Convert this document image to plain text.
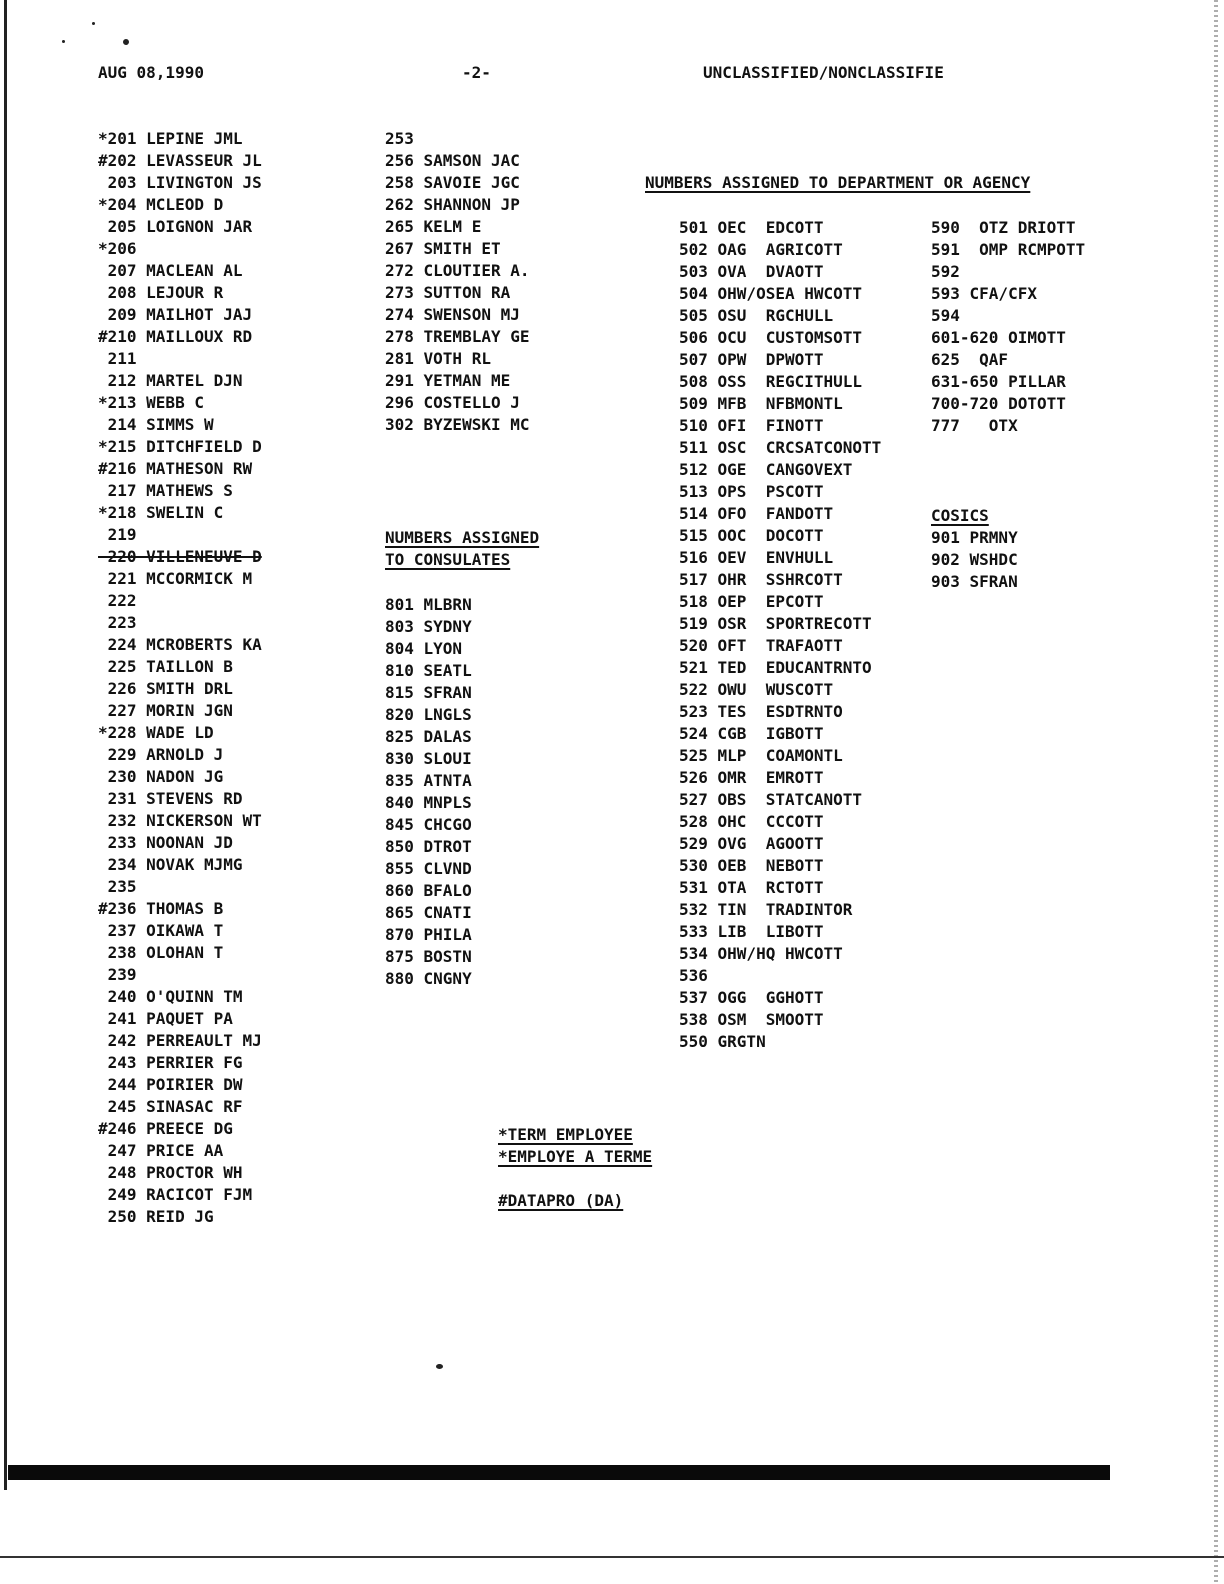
AUG 08,1990	-2-	UNCLASSIFIED/NONCLASSIFIE
*201 LEPINE JML
#202 LEVASSEUR JL
203 LIVINGTON JS
*204 MCLEOD D
205 LOIGNON JAR
*206
207 MACLEAN AL
208 LEJOUR R
209 MAILHOT JAJ
#210 MAILLOUX RD
211
212 MARTEL DJN
*213 WEBB C
214 SIMMS W
*215 DITCHFIELD D
#216 MATHESON RW
217 MATHEWS S
*218 SWELIN C
219
220 VILLENEUVE D
221 MCCORMICK M
222
223
224 MCROBERTS KA
225 TAILLON B
226 SMITH DRL
227 MORIN JGN
*228 WADE LD
229 ARNOLD J
230 NADON JG
231 STEVENS RD
232 NICKERSON WT
233 NOONAN JD
234 NOVAK MJMG
235
#236 THOMAS B
237 OIKAWA T
238 OLOHAN T
239
240 O'QUINN TM
241 PAQUET PA
242 PERREAULT MJ
243 PERRIER FG
244 POIRIER DW
245 SINASAC RF
#246 PREECE DG
247 PRICE AA
248 PROCTOR WH
249 RACICOT FJM
250 REID JG
253
256 SAMSON JAC
258 SAVOIE JGC
262 SHANNON JP
265 KELM E
267 SMITH ET
272 CLOUTIER A.
273 SUTTON RA
274 SWENSON MJ
278 TREMBLAY GE
281 VOTH RL
291 YETMAN ME
296 COSTELLO J
302 BYZEWSKI MC
NUMBERS ASSIGNED
TO CONSULATES
801 MLBRN
803 SYDNY
804 LYON
810 SEATL
815 SFRAN
820 LNGLS
825 DALAS
830 SLOUI
835 ATNTA
840 MNPLS
845 CHCGO
850 DTROT
855 CLVND
860 BFALO
865 CNATI
870 PHILA
875 BOSTN
880 CNGNY
NUMBERS ASSIGNED TO DEPARTMENT OR AGENCY
501 OEC  EDCOTT
502 OAG  AGRICOTT
503 OVA  DVAOTT
504 OHW/OSEA HWCOTT
505 OSU  RGCHULL
506 OCU  CUSTOMSOTT
507 OPW  DPWOTT
508 OSS  REGCITHULL
509 MFB  NFBMONTL
510 OFI  FINOTT
511 OSC  CRCSATCONOTT
512 OGE  CANGOVEXT
513 OPS  PSCOTT
514 OFO  FANDOTT
515 OOC  DOCOTT
516 OEV  ENVHULL
517 OHR  SSHRCOTT
518 OEP  EPCOTT
519 OSR  SPORTRECOTT
520 OFT  TRAFAOTT
521 TED  EDUCANTRNTO
522 OWU  WUSCOTT
523 TES  ESDTRNTO
524 CGB  IGBOTT
525 MLP  COAMONTL
526 OMR  EMROTT
527 OBS  STATCANOTT
528 OHC  CCCOTT
529 OVG  AGOOTT
530 OEB  NEBOTT
531 OTA  RCTOTT
532 TIN  TRADINTOR
533 LIB  LIBOTT
534 OHW/HQ HWCOTT
536
537 OGG  GGHOTT
538 OSM  SMOOTT
550 GRGTN
590  OTZ DRIOTT
591  OMP RCMPOTT
592
593 CFA/CFX
594
601-620 OIMOTT
625  QAF
631-650 PILLAR
700-720 DOTOTT
777   OTX
COSICS
901 PRMNY
902 WSHDC
903 SFRAN
*TERM EMPLOYEE
*EMPLOYE A TERME
#DATAPRO (DA)
